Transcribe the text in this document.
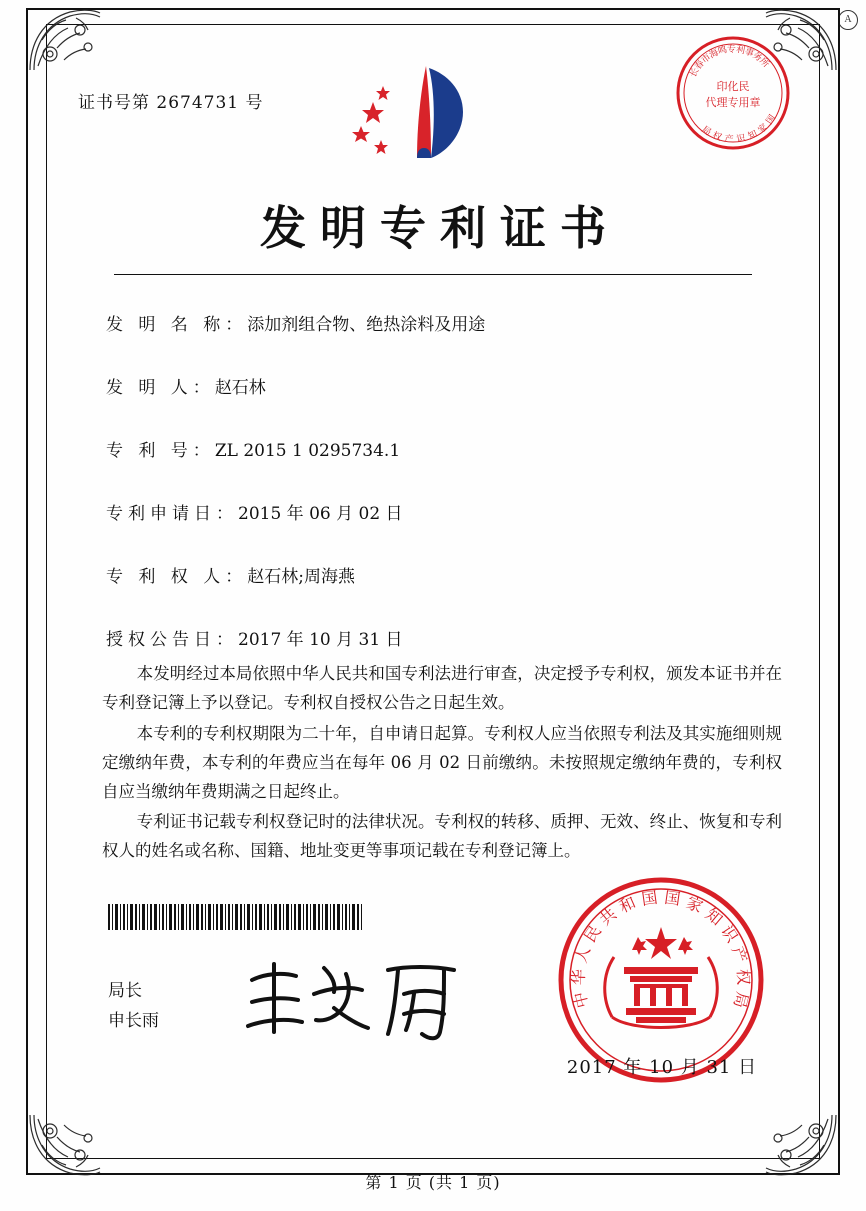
A
证书号第 2674731 号
长
春
市
海
鸣
专
利
事
务
所
国
家
知
识
产
权
局
印化民
代理专用章
发明专利证书
发 明 名 称：添加剂组合物、绝热涂料及用途
发 明 人：赵石林
专 利 号：ZL 2015 1 0295734.1
专利申请日：2015 年 06 月 02 日
专 利 权 人：赵石林;周海燕
授权公告日：2017 年 10 月 31 日

本发明经过本局依照中华人民共和国专利法进行审查，决定授予专利权，颁发本证书并在专利登记簿上予以登记。专利权自授权公告之日起生效。

本专利的专利权期限为二十年，自申请日起算。专利权人应当依照专利法及其实施细则规定缴纳年费，本专利的年费应当在每年 06 月 02 日前缴纳。未按照规定缴纳年费的，专利权自应当缴纳年费期满之日起终止。

专利证书记载专利权登记时的法律状况。专利权的转移、质押、无效、终止、恢复和专利权人的姓名或名称、国籍、地址变更等事项记载在专利登记簿上。

局长
申长雨
中
华
人
民
共
和 国 国 家
知
识
产
权
局
2017 年 10 月 31 日
第 1 页 (共 1 页)
